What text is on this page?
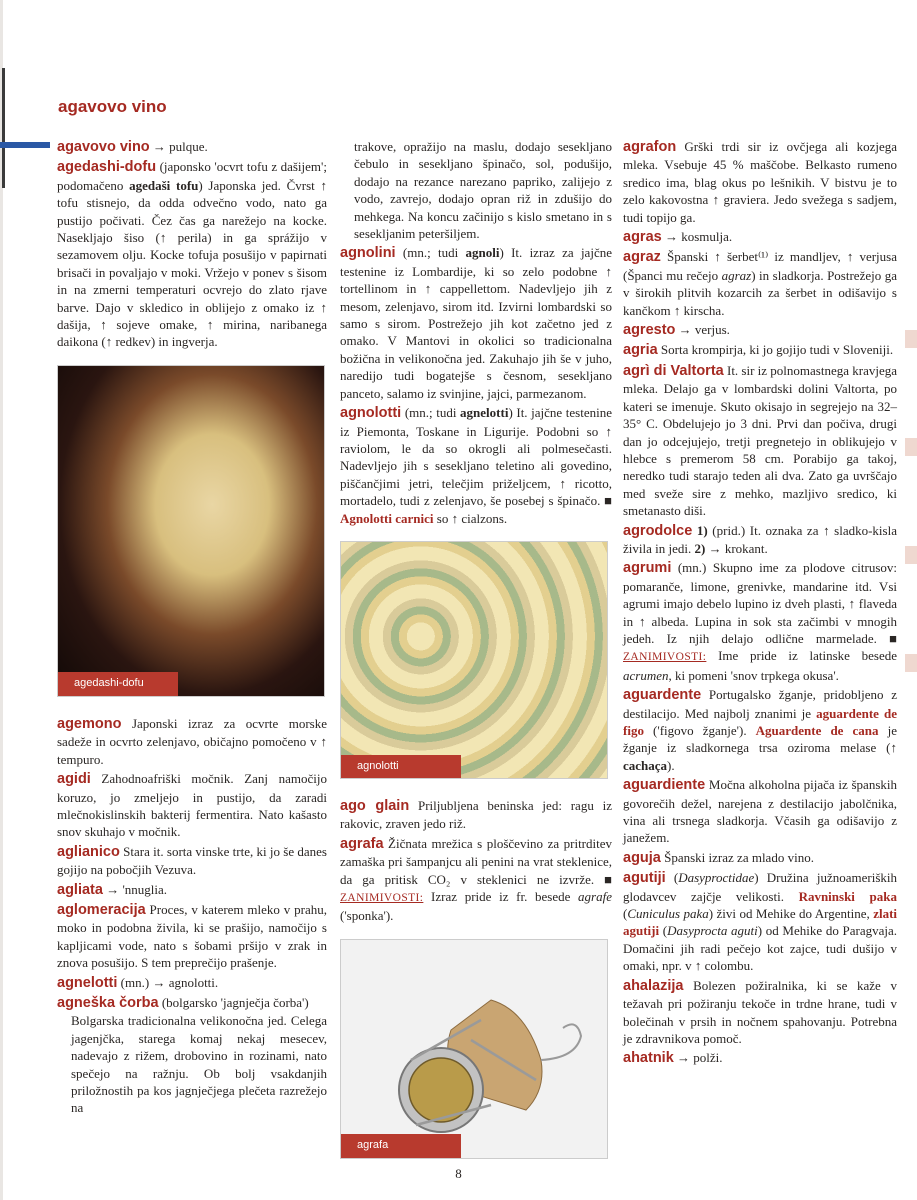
agavovo vino

agavovo vino → pulque.

agedashi-dofu (japonsko 'ocvrt tofu z dašijem'; podomačeno agedaši tofu) Japonska jed. Čvrst ↑ tofu stisnejo, da odda odvečno vodo, nato ga pustijo počivati. Čez čas ga narežejo na kocke. Nasekljajo šiso (↑ perila) in ga sprážijo v sezamovem olju. Kocke tofuja posušijo v papirnati brisači in povaljajo v moki. Vržejo v ponev s šisom in na zmerni temperaturi ocvrejo do zlato rjave barve. Dajo v skledico in oblijejo z omako iz ↑ dašija, ↑ sojeve omake, ↑ mirina, naribanega daikona (↑ redkev) in ingverja.

agedashi-dofu

agemono Japonski izraz za ocvrte morske sadeže in ocvrto zelenjavo, običajno pomočeno v ↑ tempuro.

agidi Zahodnoafriški močnik. Zanj namočijo koruzo, jo zmeljejo in pustijo, da zaradi mlečnokislinskih bakterij fermentira. Nato kašasto snov skuhajo v močnik.

aglianico Stara it. sorta vinske trte, ki jo še danes gojijo na pobočjih Vezuva.

agliata → 'nnuglia.

aglomeracija Proces, v katerem mleko v prahu, moko in podobna živila, ki se prašijo, namočijo s kapljicami vode, nato s šobami pršijo v zrak in znova posušijo. S tem preprečijo prašenje.

agnelotti (mn.) → agnolotti.

agneška čorba (bolgarsko 'jagnječja čorba')

Bolgarska tradicionalna velikonočna jed. Celega jagenjčka, starega komaj nekaj mesecev, nadevajo z rižem, drobovino in rozinami, nato spečejo na ražnju. Ob bolj vsakdanjih priložnostih pa kos jagnječjega plečeta razrežejo na

trakove, opražijo na maslu, dodajo sesekljano čebulo in sesekljano špinačo, sol, podušijo, dodajo na rezance narezano papriko, zalijejo z vodo, zavrejo, dodajo opran riž in zdušijo do mehkega. Na koncu začinijo s kislo smetano in s sesekljanim peteršiljem.

agnolini (mn.; tudi agnoli) It. izraz za jajčne testenine iz Lombardije, ki so zelo podobne ↑ tortellinom in ↑ cappellettom. Nadevljejo jih z mesom, zelenjavo, sirom itd. Izvirni lombardski so samo s sirom. Postrežejo jih kot začetno jed z omako. V Mantovi in okolici so tradicionalna božična in velikonočna jed. Zakuhajo jih še v juho, naredijo tudi bogatejše s česnom, sesekljano panceto, salamo iz svinjine, jajci, parmezanom.

agnolotti (mn.; tudi agnelotti) It. jajčne testenine iz Piemonta, Toskane in Ligurije. Podobni so ↑ raviolom, le da so okrogli ali polmesečasti. Nadevljejo jih s sesekljano teletino ali govedino, piščančjimi jetri, telečjim priželjcem, ↑ ricotto, mortadelo, tudi z zelenjavo, še posebej s špinačo. ■ Agnolotti carnici so ↑ cialzons.

agnolotti

ago glain Priljubljena beninska jed: ragu iz rakovic, zraven jedo riž.

agrafa Žičnata mrežica s ploščevino za pritrditev zamaška pri šampanjcu ali penini na vrat steklenice, da ga pritisk CO₂ v steklenici ne izvrže. ■ ZANIMIVOSTI: Izraz pride iz fr. besede agrafe ('sponka').

agrafa

agrafon Grški trdi sir iz ovčjega ali kozjega mleka. Vsebuje 45 % maščobe. Belkasto rumeno sredico ima, blag okus po lešnikih. V bistvu je to zelo kakovostna ↑ graviera. Jedo svežega s sadjem, tudi topijo ga.

agras → kosmulja.

agraz Španski ↑ šerbet⁽¹⁾ iz mandljev, ↑ verjusa (Španci mu rečejo agraz) in sladkorja. Postrežejo ga v širokih plitvih kozarcih za šerbet in odišavijo s kančkom ↑ kirscha.

agresto → verjus.

agria Sorta krompirja, ki jo gojijo tudi v Sloveniji.

agrì di Valtorta It. sir iz polnomastnega kravjega mleka. Delajo ga v lombardski dolini Valtorta, po kateri se imenuje. Skuto okisajo in segrejejo na 32–35° C. Obdelujejo jo 3 dni. Prvi dan počiva, drugi dan jo odcejujejo, tretji pregnetejo in oblikujejo v hlebce s premerom 58 cm. Porabijo ga takoj, neredko tudi starajo teden ali dva. Zato ga uvrščajo med sveže sire z mehko, mazljivo sredico, ki smetanasto diši.

agrodolce 1) (prid.) It. oznaka za ↑ sladko-kisla živila in jedi. 2) → krokant.

agrumi (mn.) Skupno ime za plodove citrusov: pomaranče, limone, grenivke, mandarine itd. Vsi agrumi imajo debelo lupino iz dveh plasti, ↑ flaveda in ↑ albeda. Lupina in sok sta začimbi v mnogih jedeh. Iz njih delajo odlične marmelade. ■ ZANIMIVOSTI: Ime pride iz latinske besede acrumen, ki pomeni 'snov trpkega okusa'.

aguardente Portugalsko žganje, pridobljeno z destilacijo. Med najbolj znanimi je aguardente de figo ('figovo žganje'). Aguardente de cana je žganje iz sladkornega trsa oziroma melase (↑ cachaça).

aguardiente Močna alkoholna pijača iz španskih govorečih dežel, narejena z destilacijo jabolčnika, vina ali trsnega sladkorja. Včasih ga odišavijo z janežem.

aguja Španski izraz za mlado vino.

agutiji (Dasyproctidae) Družina južnoameriških glodavcev zajčje velikosti. Ravninski paka (Cuniculus paka) živi od Mehike do Argentine, zlati agutiji (Dasyprocta aguti) od Mehike do Paragvaja. Domačini jih radi pečejo kot zajce, tudi dušijo v omaki, npr. v ↑ colombu.

ahalazija Bolezen požiralnika, ki se kaže v težavah pri požiranju tekoče in trdne hrane, tudi v bolečinah v prsih in nočnem spahovanju. Potrebna je zdravnikova pomoč.

ahatnik → polži.

8
